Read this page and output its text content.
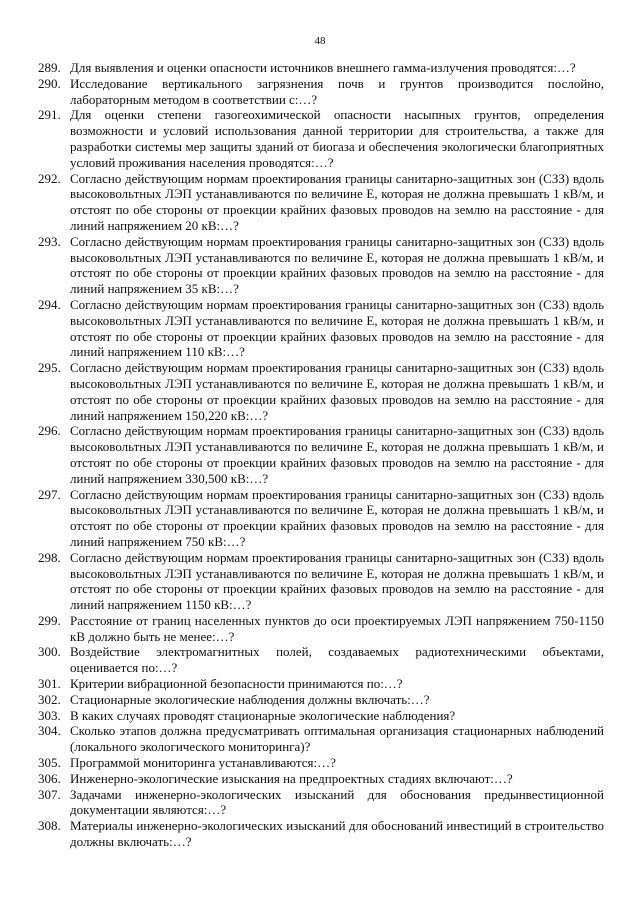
48
289. Для выявления и оценки опасности источников внешнего гамма-излучения проводятся:…?
290. Исследование вертикального загрязнения почв и грунтов производится послойно, лабораторным методом в соответствии с:…?
291. Для оценки степени газогеохимической опасности насыпных грунтов, определения возможности и условий использования данной территории для строительства, а также для разработки системы мер защиты зданий от биогаза и обеспечения экологически благоприятных условий проживания населения проводятся:…?
292. Согласно действующим нормам проектирования границы санитарно-защитных зон (СЗЗ) вдоль высоковольтных ЛЭП устанавливаются по величине Е, которая не должна превышать 1 кВ/м, и отстоят по обе стороны от проекции крайних фазовых проводов на землю на расстояние - для линий напряжением 20 кВ:…?
293. Согласно действующим нормам проектирования границы санитарно-защитных зон (СЗЗ) вдоль высоковольтных ЛЭП устанавливаются по величине Е, которая не должна превышать 1 кВ/м, и отстоят по обе стороны от проекции крайних фазовых проводов на землю на расстояние - для линий напряжением 35 кВ:…?
294. Согласно действующим нормам проектирования границы санитарно-защитных зон (СЗЗ) вдоль высоковольтных ЛЭП устанавливаются по величине Е, которая не должна превышать 1 кВ/м, и отстоят по обе стороны от проекции крайних фазовых проводов на землю на расстояние - для линий напряжением 110 кВ:…?
295. Согласно действующим нормам проектирования границы санитарно-защитных зон (СЗЗ) вдоль высоковольтных ЛЭП устанавливаются по величине Е, которая не должна превышать 1 кВ/м, и отстоят по обе стороны от проекции крайних фазовых проводов на землю на расстояние - для линий напряжением 150,220 кВ:…?
296. Согласно действующим нормам проектирования границы санитарно-защитных зон (СЗЗ) вдоль высоковольтных ЛЭП устанавливаются по величине Е, которая не должна превышать 1 кВ/м, и отстоят по обе стороны от проекции крайних фазовых проводов на землю на расстояние - для линий напряжением 330,500 кВ:…?
297. Согласно действующим нормам проектирования границы санитарно-защитных зон (СЗЗ) вдоль высоковольтных ЛЭП устанавливаются по величине Е, которая не должна превышать 1 кВ/м, и отстоят по обе стороны от проекции крайних фазовых проводов на землю на расстояние - для линий напряжением 750 кВ:…?
298. Согласно действующим нормам проектирования границы санитарно-защитных зон (СЗЗ) вдоль высоковольтных ЛЭП устанавливаются по величине Е, которая не должна превышать 1 кВ/м, и отстоят по обе стороны от проекции крайних фазовых проводов на землю на расстояние - для линий напряжением 1150 кВ:…?
299. Расстояние от границ населенных пунктов до оси проектируемых ЛЭП напряжением 750-1150 кВ должно быть не менее:…?
300. Воздействие электромагнитных полей, создаваемых радиотехническими объектами, оценивается по:…?
301. Критерии вибрационной безопасности принимаются по:…?
302. Стационарные экологические наблюдения должны включать:…?
303. В каких случаях проводят стационарные экологические наблюдения?
304. Сколько этапов должна предусматривать оптимальная организация стационарных наблюдений (локального экологического мониторинга)?
305. Программой мониторинга устанавливаются:…?
306. Инженерно-экологические изыскания на предпроектных стадиях включают:…?
307. Задачами инженерно-экологических изысканий для обоснования предынвестиционной документации являются:…?
308. Материалы инженерно-экологических изысканий для обоснований инвестиций в строительство должны включать:…?
